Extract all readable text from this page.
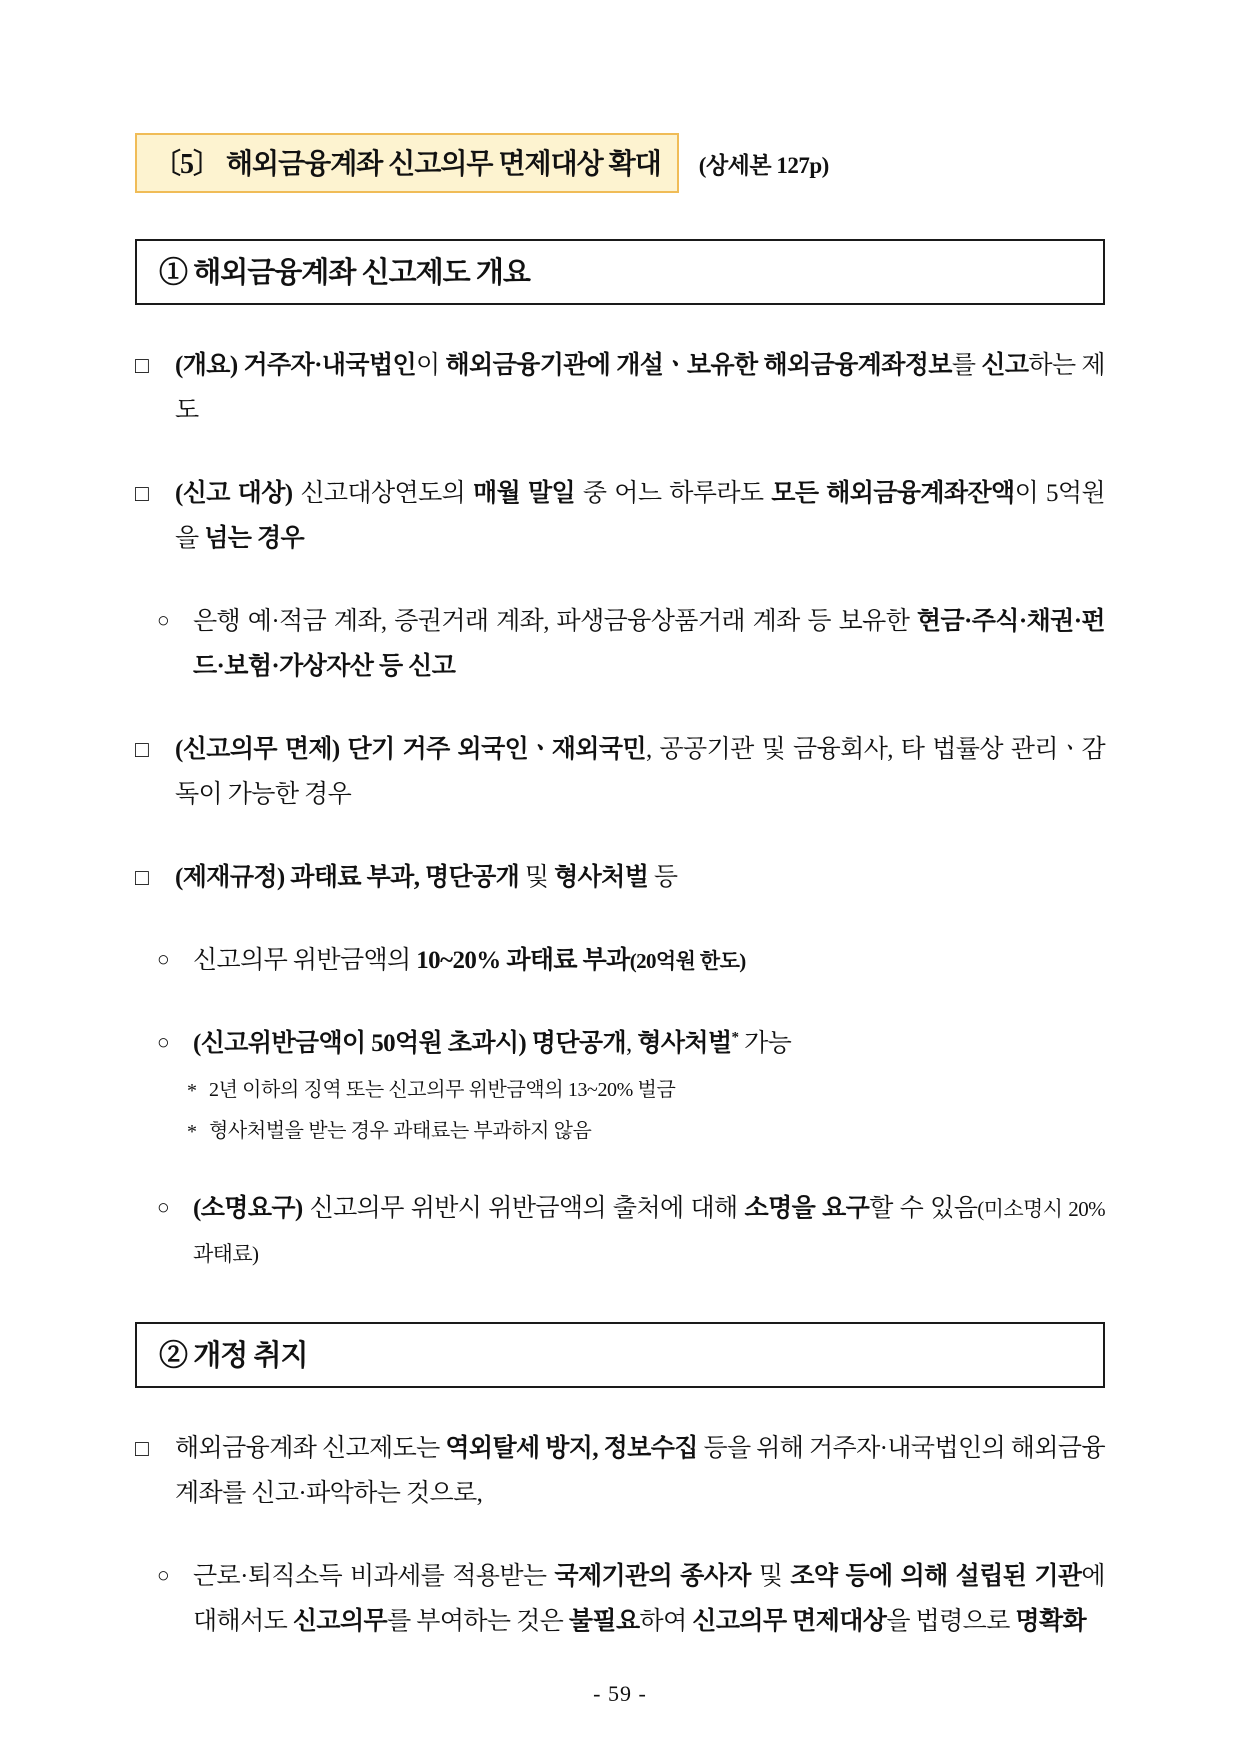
〔5〕 해외금융계좌 신고의무 면제대상 확대	(상세본 127p)
① 해외금융계좌 신고제도 개요
□	(개요) 거주자·내국법인이 해외금융기관에 개설ㆍ보유한 해외금융계좌정보를 신고하는 제도
□	(신고 대상) 신고대상연도의 매월 말일 중 어느 하루라도 모든 해외금융계좌잔액이 5억원을 넘는 경우
○ 은행 예·적금 계좌, 증권거래 계좌, 파생금융상품거래 계좌 등 보유한 현금·주식·채권·펀드·보험·가상자산 등 신고
□	(신고의무 면제) 단기 거주 외국인ㆍ재외국민, 공공기관 및 금융회사, 타 법률상 관리ㆍ감독이 가능한 경우
□	(제재규정) 과태료 부과, 명단공개 및 형사처벌 등
○ 신고의무 위반금액의 10~20% 과태료 부과(20억원 한도)
○ (신고위반금액이 50억원 초과시) 명단공개, 형사처벌* 가능
* 2년 이하의 징역 또는 신고의무 위반금액의 13~20% 벌금
* 형사처벌을 받는 경우 과태료는 부과하지 않음
○ (소명요구) 신고의무 위반시 위반금액의 출처에 대해 소명을 요구할 수 있음(미소명시 20% 과태료)
② 개정 취지
□	해외금융계좌 신고제도는 역외탈세 방지, 정보수집 등을 위해 거주자·내국법인의 해외금융계좌를 신고·파악하는 것으로,
○ 근로·퇴직소득 비과세를 적용받는 국제기관의 종사자 및 조약 등에 의해 설립된 기관에 대해서도 신고의무를 부여하는 것은 불필요하여 신고의무 면제대상을 법령으로 명확화
- 59 -
